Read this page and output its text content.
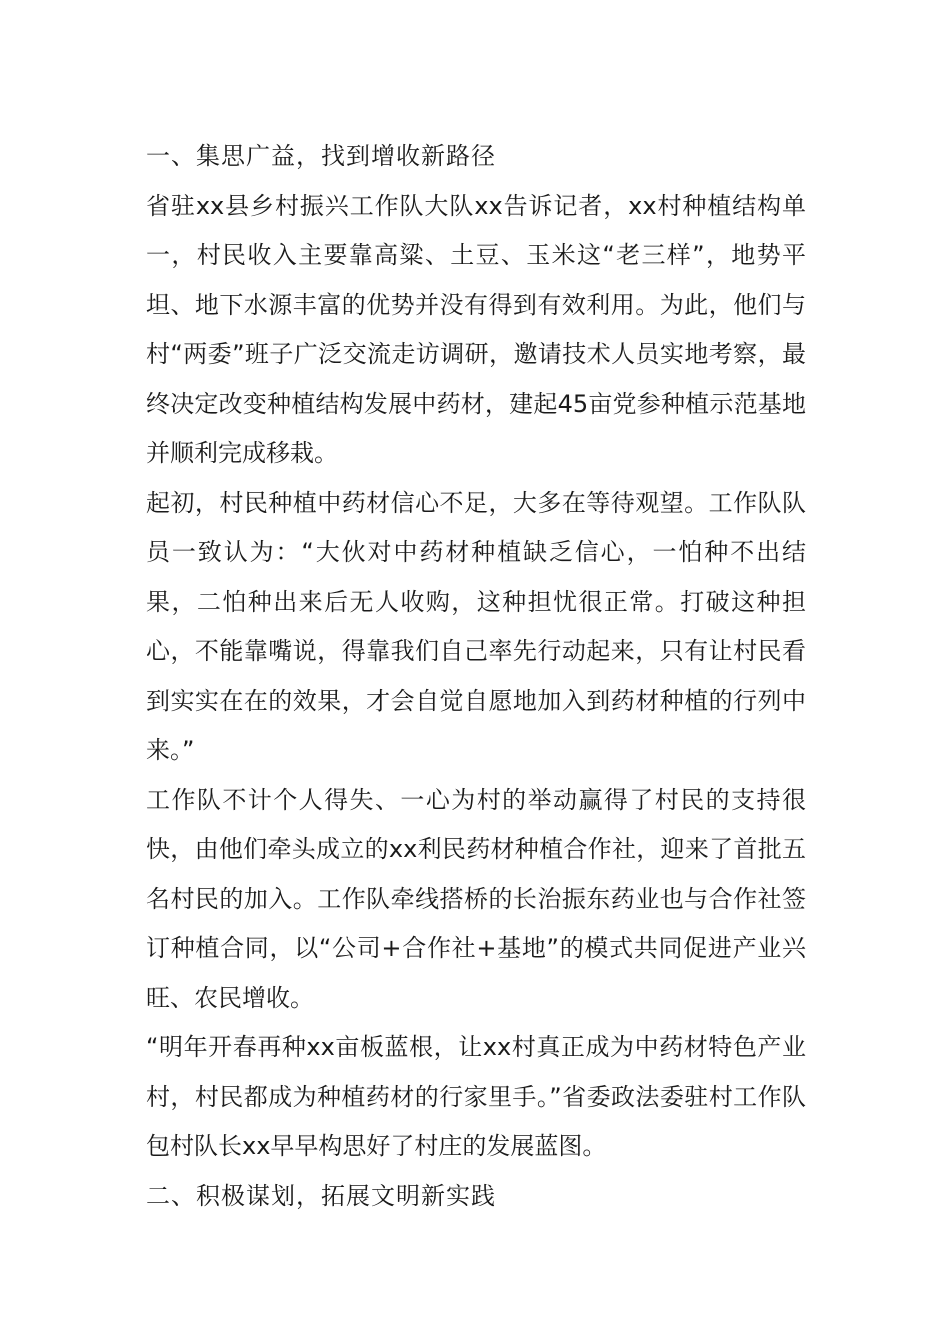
一、集思广益，找到增收新路径

省驻xx县乡村振兴工作队大队xx告诉记者，xx村种植结构单一，村民收入主要靠高粱、土豆、玉米这“老三样”，地势平坦、地下水源丰富的优势并没有得到有效利用。为此，他们与村“两委”班子广泛交流走访调研，邀请技术人员实地考察，最终决定改变种植结构发展中药材，建起45亩党参种植示范基地并顺利完成移栽。

起初，村民种植中药材信心不足，大多在等待观望。工作队队员一致认为：“大伙对中药材种植缺乏信心，一怕种不出结果，二怕种出来后无人收购，这种担忧很正常。打破这种担心，不能靠嘴说，得靠我们自己率先行动起来，只有让村民看到实实在在的效果，才会自觉自愿地加入到药材种植的行列中来。”

工作队不计个人得失、一心为村的举动赢得了村民的支持很快，由他们牵头成立的xx利民药材种植合作社，迎来了首批五名村民的加入。工作队牵线搭桥的长治振东药业也与合作社签订种植合同，以“公司+合作社+基地”的模式共同促进产业兴旺、农民增收。

“明年开春再种xx亩板蓝根，让xx村真正成为中药材特色产业村，村民都成为种植药材的行家里手。”省委政法委驻村工作队包村队长xx早早构思好了村庄的发展蓝图。

二、积极谋划，拓展文明新实践
